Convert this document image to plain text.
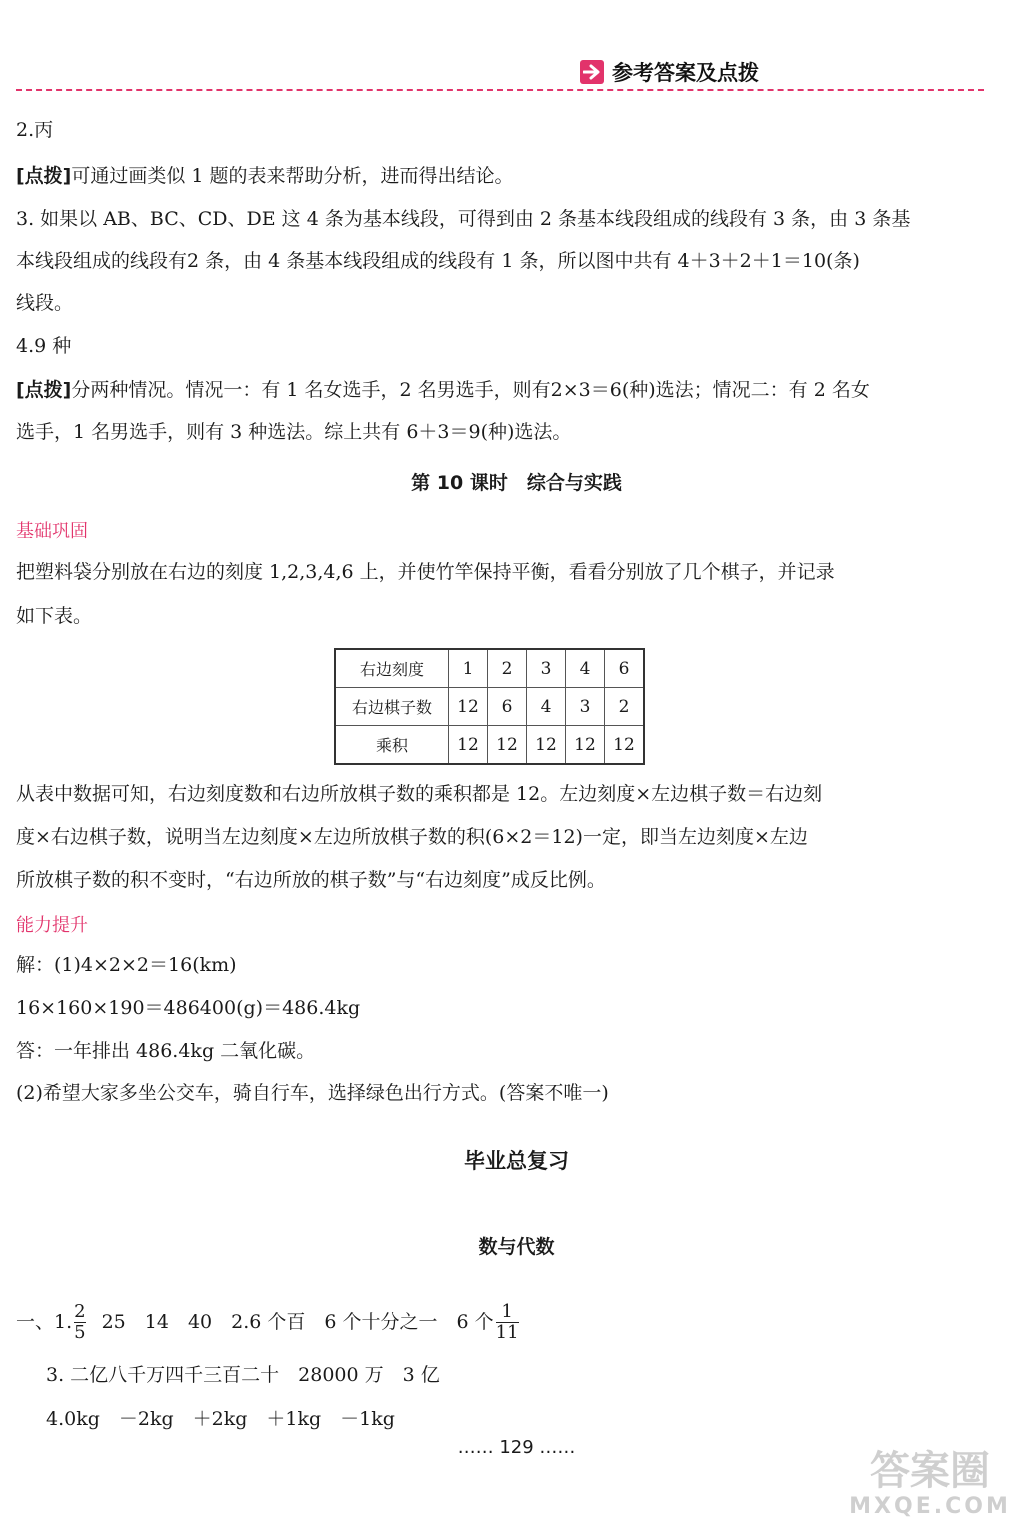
参考答案及点拨
2.丙
[点拨]可通过画类似 1 题的表来帮助分析，进而得出结论。
3. 如果以 AB、BC、CD、DE 这 4 条为基本线段，可得到由 2 条基本线段组成的线段有 3 条，由 3 条基
本线段组成的线段有2 条，由 4 条基本线段组成的线段有 1 条，所以图中共有 4＋3＋2＋1＝10(条)
线段。
4.9 种
[点拨]分两种情况。情况一：有 1 名女选手，2 名男选手，则有2×3＝6(种)选法；情况二：有 2 名女
选手，1 名男选手，则有 3 种选法。综上共有 6＋3＝9(种)选法。
第 10 课时　综合与实践
基础巩固
把塑料袋分别放在右边的刻度 1,2,3,4,6 上，并使竹竿保持平衡，看看分别放了几个棋子，并记录
如下表。
右边刻度	1	2	3	4	6
右边棋子数	12	6	4	3	2
乘积	12	12	12	12	12
从表中数据可知，右边刻度数和右边所放棋子数的乘积都是 12。左边刻度×左边棋子数＝右边刻
度×右边棋子数，说明当左边刻度×左边所放棋子数的积(6×2＝12)一定，即当左边刻度×左边
所放棋子数的积不变时，“右边所放的棋子数”与“右边刻度”成反比例。
能力提升
解：(1)4×2×2＝16(km)
16×160×190＝486400(g)＝486.4kg
答：一年排出 486.4kg 二氧化碳。
(2)希望大家多坐公交车，骑自行车，选择绿色出行方式。(答案不唯一)
毕业总复习
数与代数
一、1. $\frac{2}{5} 25$　14　40　2.6 个百　6 个十分之一　6 个 $\frac{1}{11}$
3. 二亿八千万四千三百二十　28000 万　3 亿
4.0kg　－2kg　＋2kg　＋1kg　－1kg
…… 129 ……
答案圈
MXQE.COM
